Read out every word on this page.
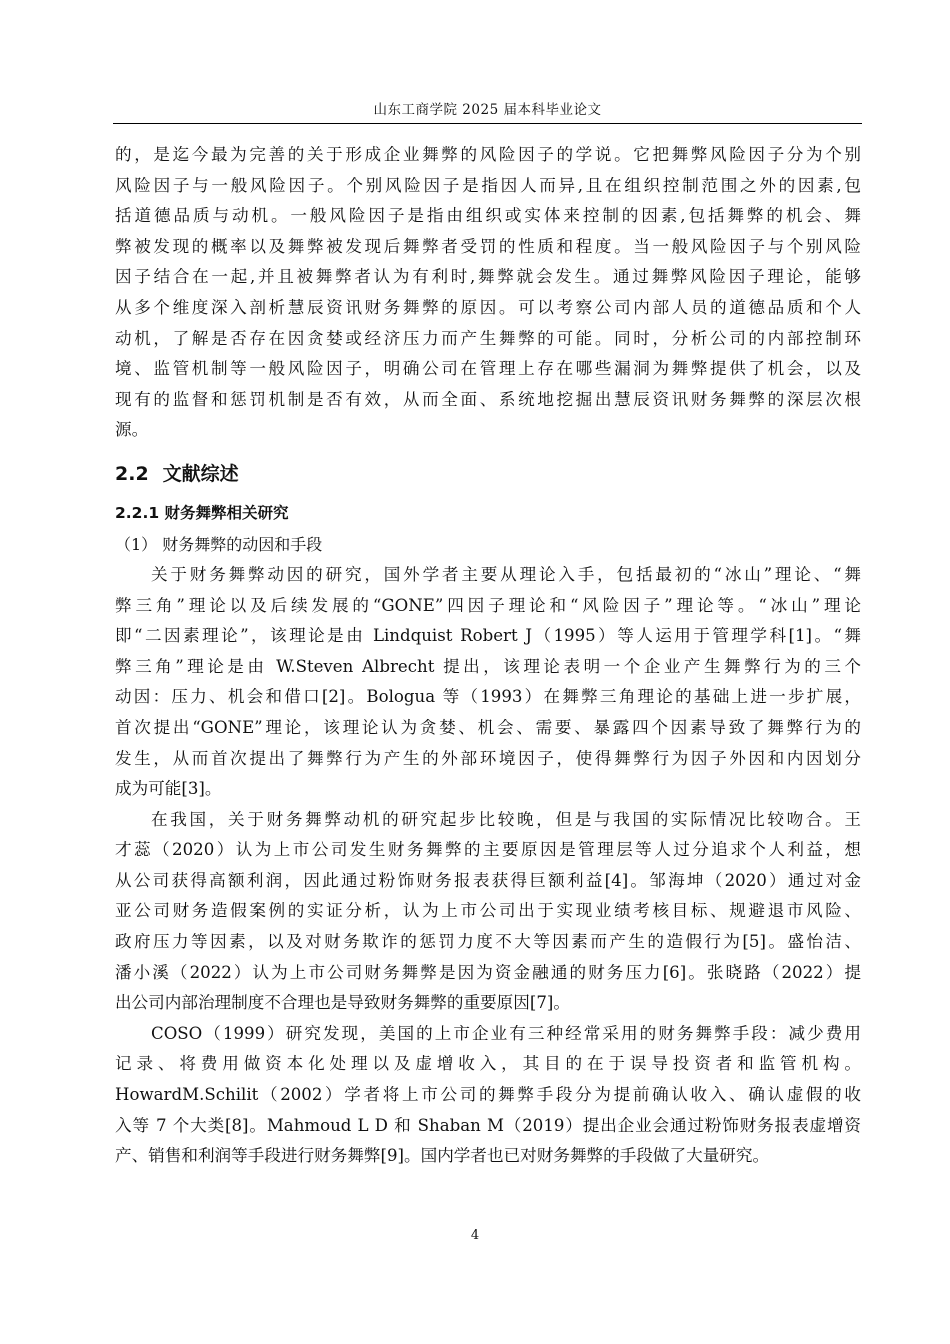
山东工商学院 2025 届本科毕业论文
的，是迄今最为完善的关于形成企业舞弊的风险因子的学说。它把舞弊风险因子分为个别
风险因子与一般风险因子。个别风险因子是指因人而异,且在组织控制范围之外的因素,包
括道德品质与动机。一般风险因子是指由组织或实体来控制的因素,包括舞弊的机会、舞
弊被发现的概率以及舞弊被发现后舞弊者受罚的性质和程度。当一般风险因子与个别风险
因子结合在一起,并且被舞弊者认为有利时,舞弊就会发生。通过舞弊风险因子理论，能够
从多个维度深入剖析慧辰资讯财务舞弊的原因。可以考察公司内部人员的道德品质和个人
动机，了解是否存在因贪婪或经济压力而产生舞弊的可能。同时，分析公司的内部控制环
境、监管机制等一般风险因子，明确公司在管理上存在哪些漏洞为舞弊提供了机会，以及
现有的监督和惩罚机制是否有效，从而全面、系统地挖掘出慧辰资讯财务舞弊的深层次根
源。
2.2 文献综述
2.2.1 财务舞弊相关研究
（1） 财务舞弊的动因和手段
关于财务舞弊动因的研究，国外学者主要从理论入手，包括最初的“冰山”理论、“舞
弊三角”理论以及后续发展的“GONE”四因子理论和“风险因子”理论等。“冰山”理论
即“二因素理论”，该理论是由 Lindquist Robert J（1995）等人运用于管理学科[1]。“舞
弊三角”理论是由 W.Steven Albrecht 提出，该理论表明一个企业产生舞弊行为的三个
动因：压力、机会和借口[2]。Bologua 等（1993）在舞弊三角理论的基础上进一步扩展，
首次提出“GONE”理论，该理论认为贪婪、机会、需要、暴露四个因素导致了舞弊行为的
发生，从而首次提出了舞弊行为产生的外部环境因子，使得舞弊行为因子外因和内因划分
成为可能[3]。
在我国，关于财务舞弊动机的研究起步比较晚，但是与我国的实际情况比较吻合。王
才蕊（2020）认为上市公司发生财务舞弊的主要原因是管理层等人过分追求个人利益，想
从公司获得高额利润，因此通过粉饰财务报表获得巨额利益[4]。邹海坤（2020）通过对金
亚公司财务造假案例的实证分析，认为上市公司出于实现业绩考核目标、规避退市风险、
政府压力等因素，以及对财务欺诈的惩罚力度不大等因素而产生的造假行为[5]。盛怡洁、
潘小溪（2022）认为上市公司财务舞弊是因为资金融通的财务压力[6]。张晓路（2022）提
出公司内部治理制度不合理也是导致财务舞弊的重要原因[7]。
COSO（1999）研究发现，美国的上市企业有三种经常采用的财务舞弊手段：减少费用
记录、将费用做资本化处理以及虚增收入，其目的在于误导投资者和监管机构。
HowardM.Schilit（2002）学者将上市公司的舞弊手段分为提前确认收入、确认虚假的收
入等 7 个大类[8]。Mahmoud L D 和 Shaban M（2019）提出企业会通过粉饰财务报表虚增资
产、销售和利润等手段进行财务舞弊[9]。国内学者也已对财务舞弊的手段做了大量研究。
4
